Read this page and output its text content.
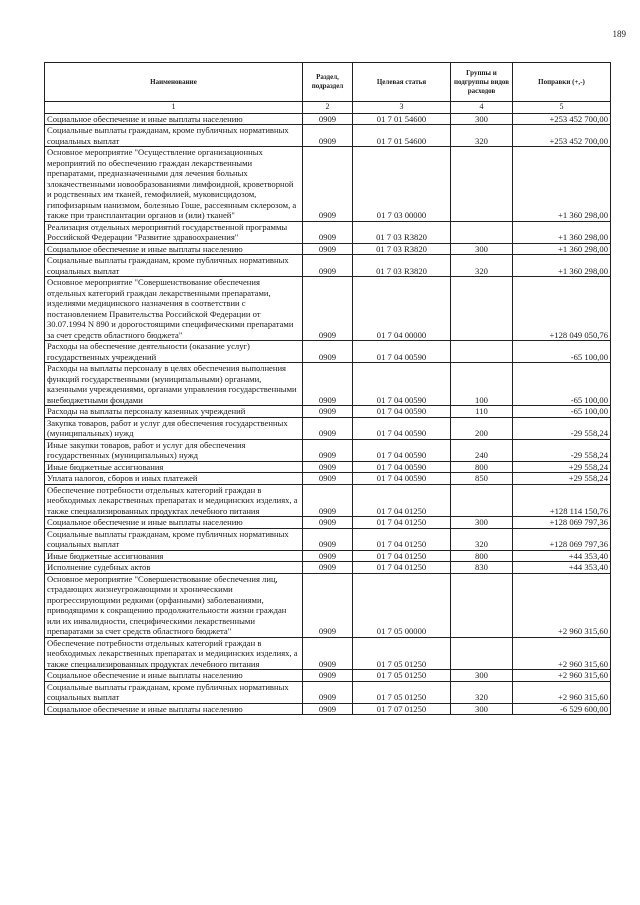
189
Наименование	Раздел, подраздел	Целевая статья	Группы и подгруппы видов расходов	Поправки (+,-)
1	2	3	4	5
Социальное обеспечение и иные выплаты населению	0909	01 7 01 54600	300	+253 452 700,00
Социальные выплаты гражданам, кроме публичных нормативных социальных выплат	0909	01 7 01 54600	320	+253 452 700,00
Основное мероприятие "Осуществление организационных мероприятий по обеспечению граждан лекарственными препаратами, предназначенными для лечения больных злокачественными новообразованиями лимфоидной, кроветворной и родственных им тканей, гемофилией, муковисцидозом, гипофизарным нанизмом, болезнью Гоше, рассеянным склерозом, а также при трансплантации органов и (или) тканей"	0909	01 7 03 00000		+1 360 298,00
Реализация отдельных мероприятий государственной программы Российской Федерации "Развитие здравоохранения"	0909	01 7 03 R3820		+1 360 298,00
Социальное обеспечение и иные выплаты населению	0909	01 7 03 R3820	300	+1 360 298,00
Социальные выплаты гражданам, кроме публичных нормативных социальных выплат	0909	01 7 03 R3820	320	+1 360 298,00
Основное мероприятие "Совершенствование обеспечения отдельных категорий граждан лекарственными препаратами, изделиями медицинского назначения в соответствии с постановлением Правительства Российской Федерации от 30.07.1994 N 890 и дорогостоящими специфическими препаратами за счет средств областного бюджета"	0909	01 7 04 00000		+128 049 050,76
Расходы на обеспечение деятельности (оказание услуг) государственных учреждений	0909	01 7 04 00590		-65 100,00
Расходы на выплаты персоналу в целях обеспечения выполнения функций государственными (муниципальными) органами, казенными учреждениями, органами управления государственными внебюджетными фондами	0909	01 7 04 00590	100	-65 100,00
Расходы на выплаты персоналу казенных учреждений	0909	01 7 04 00590	110	-65 100,00
Закупка товаров, работ и услуг для обеспечения государственных (муниципальных) нужд	0909	01 7 04 00590	200	-29 558,24
Иные закупки товаров, работ и услуг для обеспечения государственных (муниципальных) нужд	0909	01 7 04 00590	240	-29 558,24
Иные бюджетные ассигнования	0909	01 7 04 00590	800	+29 558,24
Уплата налогов, сборов и иных платежей	0909	01 7 04 00590	850	+29 558,24
Обеспечение потребности отдельных категорий граждан в необходимых лекарственных препаратах и медицинских изделиях, а также специализированных продуктах лечебного питания	0909	01 7 04 01250		+128 114 150,76
Социальное обеспечение и иные выплаты населению	0909	01 7 04 01250	300	+128 069 797,36
Социальные выплаты гражданам, кроме публичных нормативных социальных выплат	0909	01 7 04 01250	320	+128 069 797,36
Иные бюджетные ассигнования	0909	01 7 04 01250	800	+44 353,40
Исполнение судебных актов	0909	01 7 04 01250	830	+44 353,40
Основное мероприятие "Совершенствование обеспечения лиц, страдающих жизнеугрожающими и хроническими прогрессирующими редкими (орфанными) заболеваниями, приводящими к сокращению продолжительности жизни граждан или их инвалидности, специфическими лекарственными препаратами за счет средств областного бюджета"	0909	01 7 05 00000		+2 960 315,60
Обеспечение потребности отдельных категорий граждан в необходимых лекарственных препаратах и медицинских изделиях, а также специализированных продуктах лечебного питания	0909	01 7 05 01250		+2 960 315,60
Социальное обеспечение и иные выплаты населению	0909	01 7 05 01250	300	+2 960 315,60
Социальные выплаты гражданам, кроме публичных нормативных социальных выплат	0909	01 7 05 01250	320	+2 960 315,60
Социальное обеспечение и иные выплаты населению	0909	01 7 07 01250	300	-6 529 600,00
